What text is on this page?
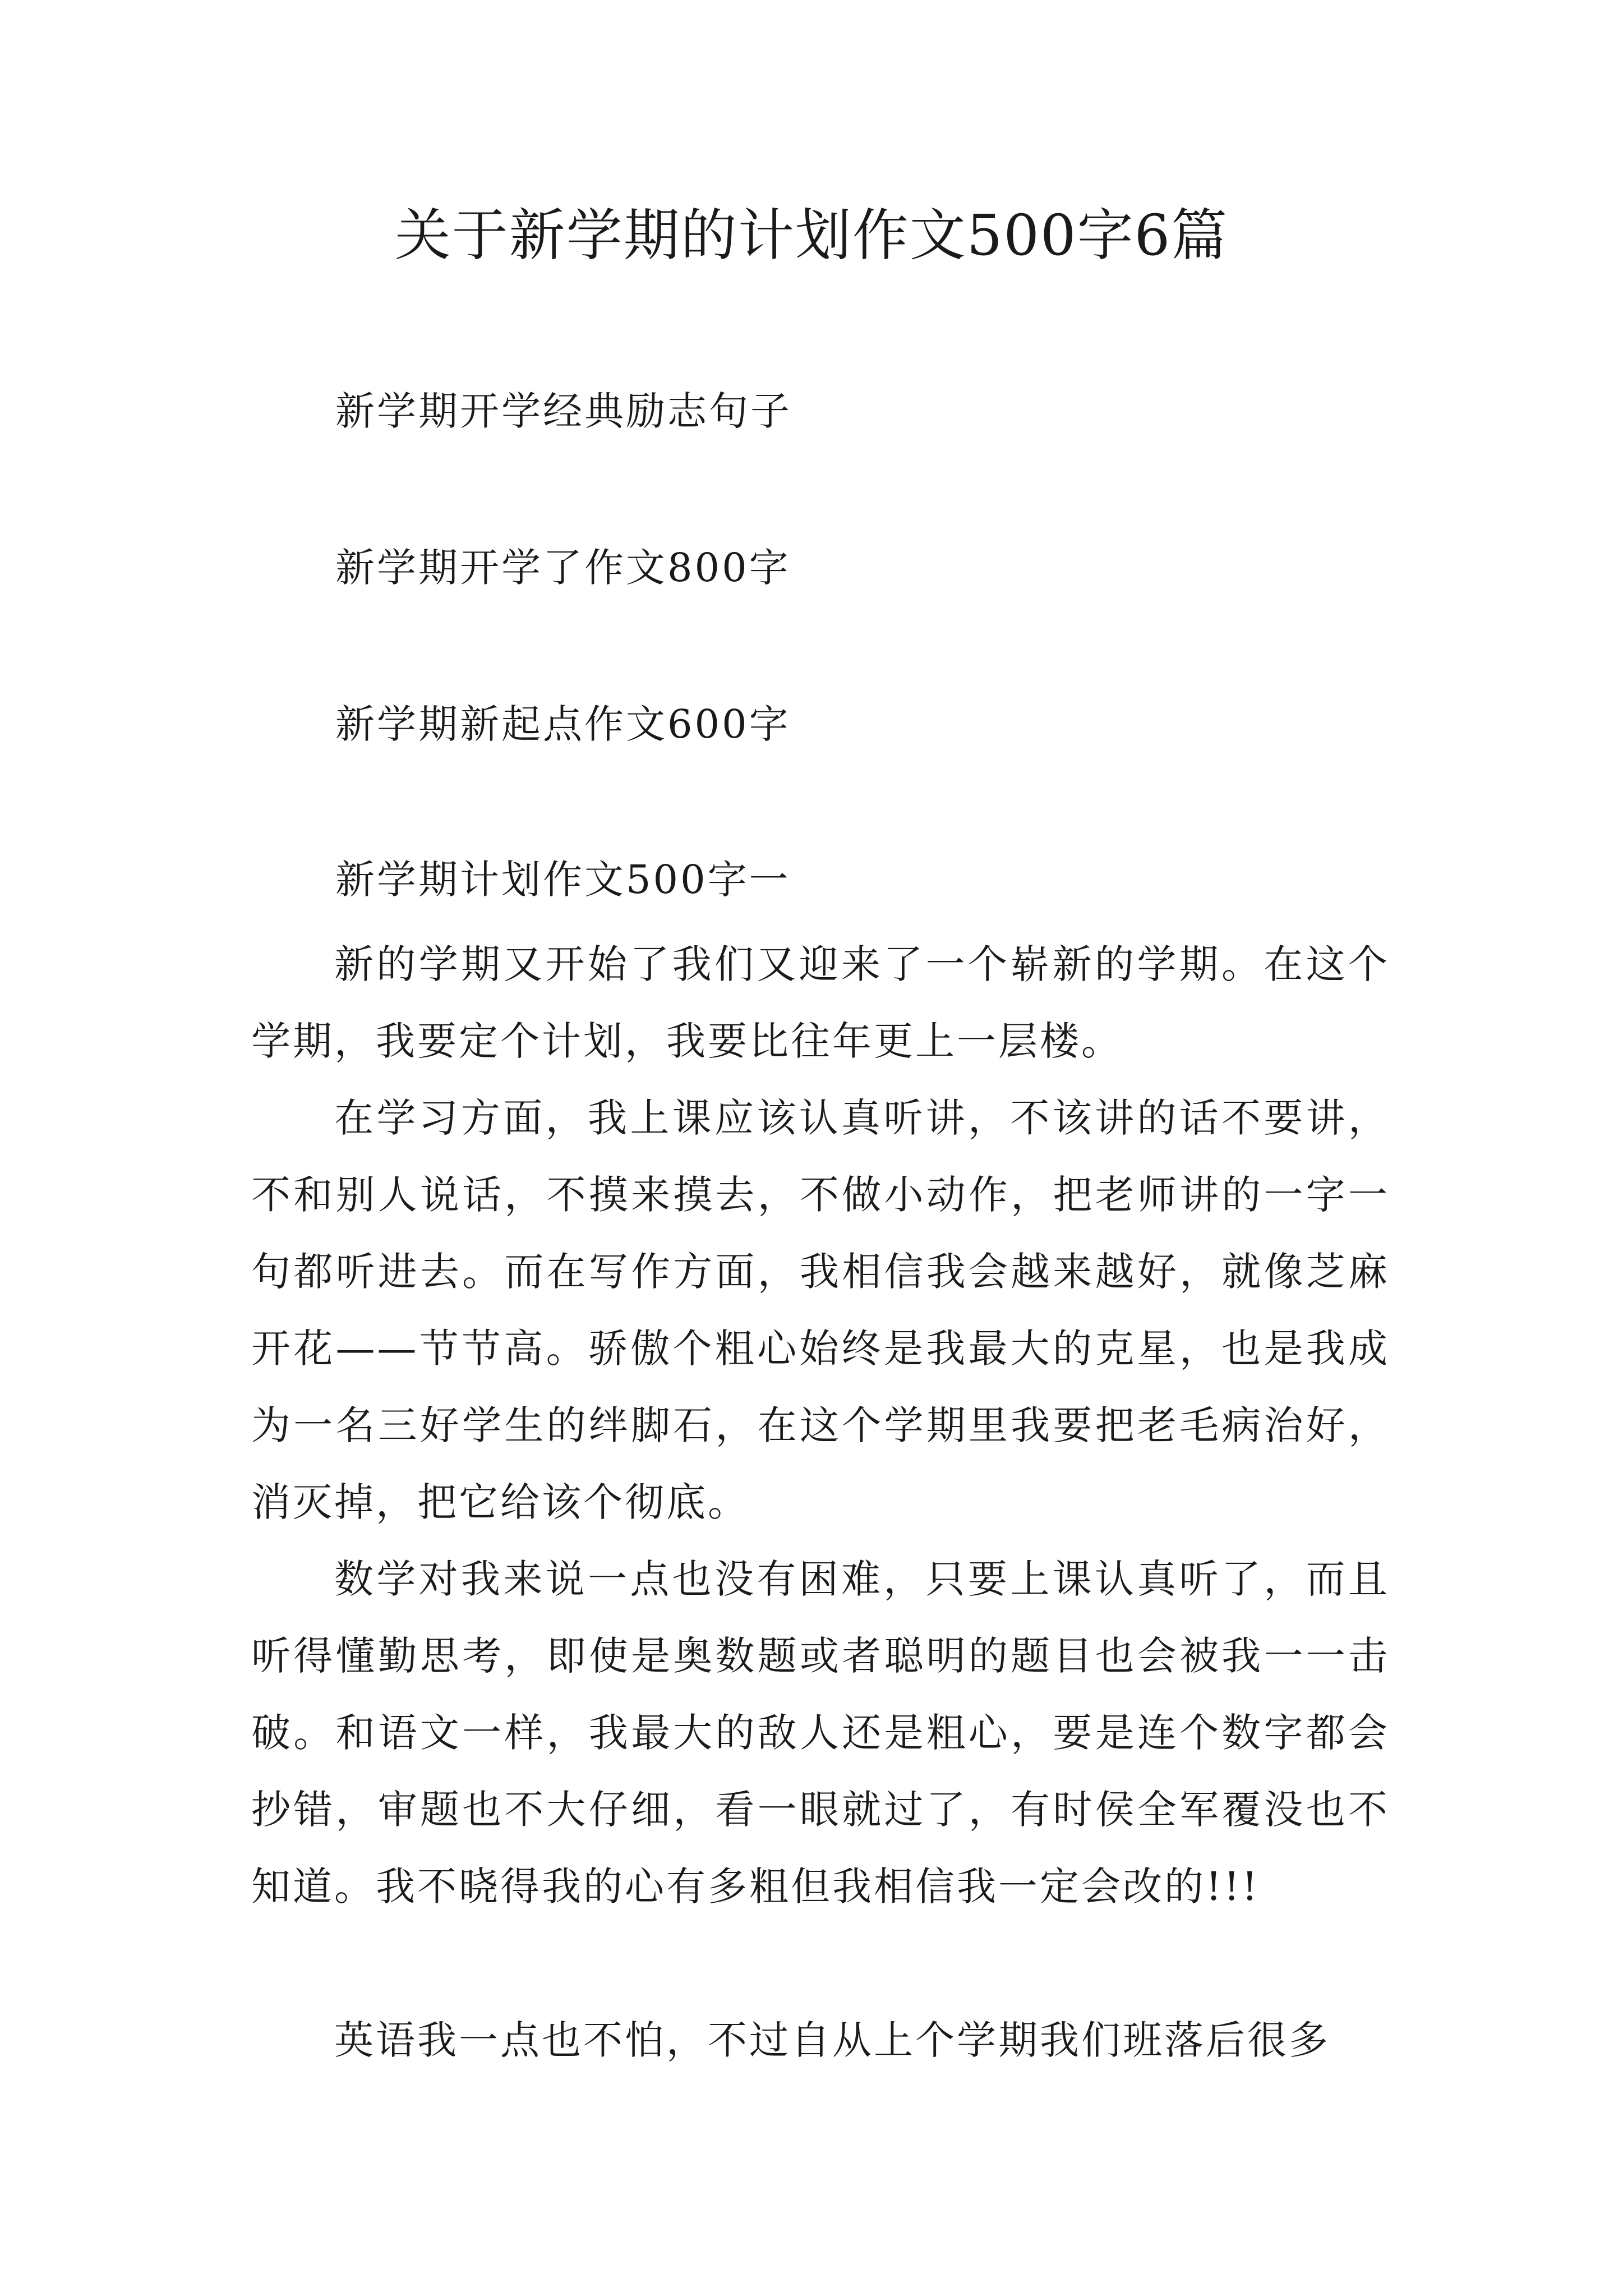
关于新学期的计划作文500字6篇

新学期开学经典励志句子

新学期开学了作文800字

新学期新起点作文600字

新学期计划作文500字一

新的学期又开始了我们又迎来了一个崭新的学期。在这个学期，我要定个计划，我要比往年更上一层楼。

在学习方面，我上课应该认真听讲，不该讲的话不要讲，不和别人说话，不摸来摸去，不做小动作，把老师讲的一字一句都听进去。而在写作方面，我相信我会越来越好，就像芝麻开花——节节高。骄傲个粗心始终是我最大的克星，也是我成为一名三好学生的绊脚石，在这个学期里我要把老毛病治好，消灭掉，把它给该个彻底。

数学对我来说一点也没有困难，只要上课认真听了，而且听得懂勤思考，即使是奥数题或者聪明的题目也会被我一一击破。和语文一样，我最大的敌人还是粗心，要是连个数字都会抄错，审题也不大仔细，看一眼就过了，有时侯全军覆没也不知道。我不晓得我的心有多粗但我相信我一定会改的!!!

英语我一点也不怕，不过自从上个学期我们班落后很多
